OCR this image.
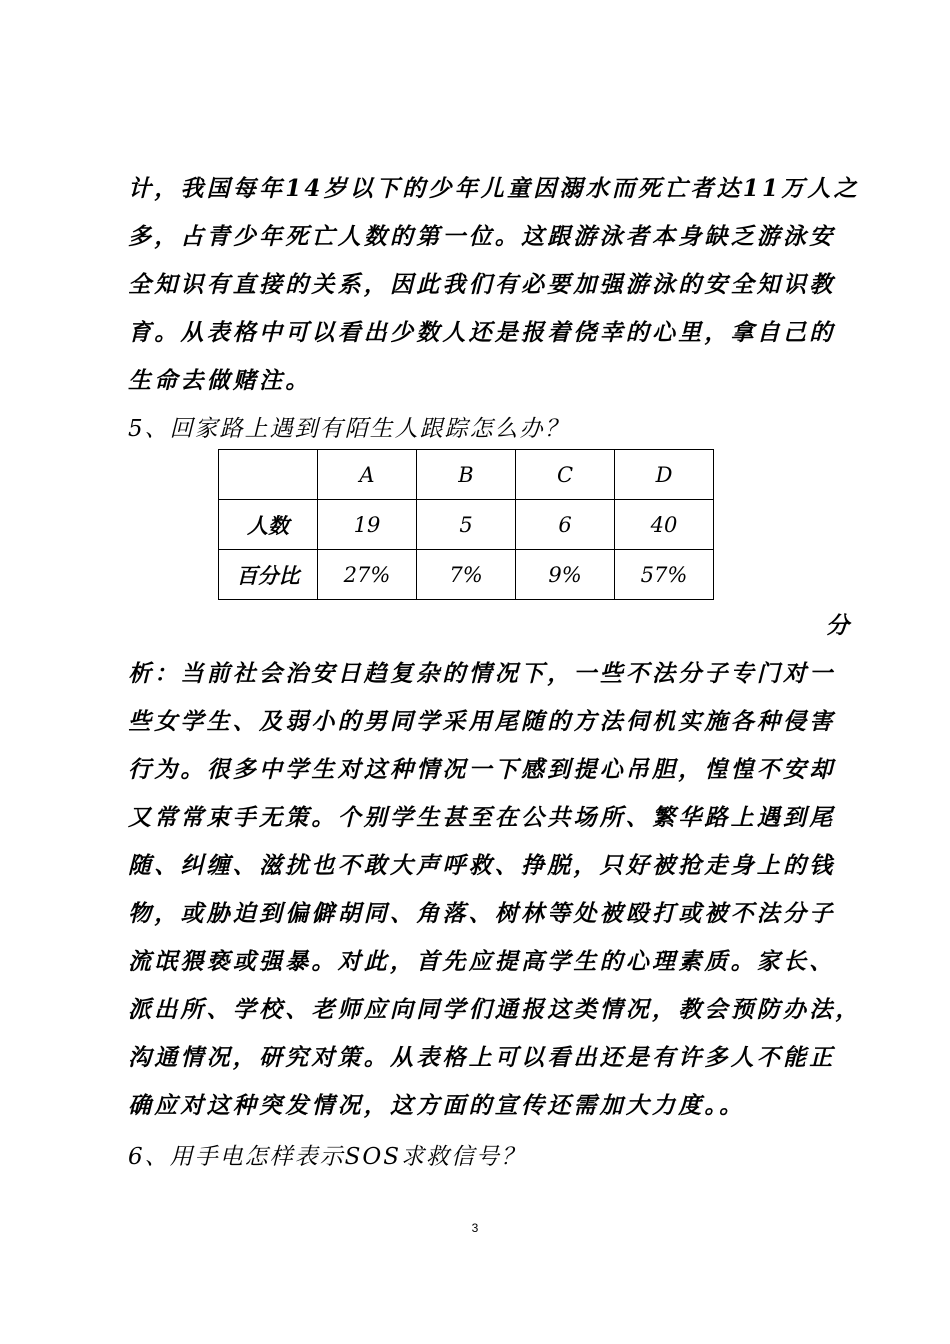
计，我国每年14岁以下的少年儿童因溺水而死亡者达11万人之
多，占青少年死亡人数的第一位。这跟游泳者本身缺乏游泳安
全知识有直接的关系，因此我们有必要加强游泳的安全知识教
育。从表格中可以看出少数人还是报着侥幸的心里，拿自己的
生命去做赌注。
5、回家路上遇到有陌生人跟踪怎么办？
	A	B	C	D
人数	19	5	6	40
百分比	27%	7%	9%	57%
分
析：当前社会治安日趋复杂的情况下，一些不法分子专门对一
些女学生、及弱小的男同学采用尾随的方法伺机实施各种侵害
行为。很多中学生对这种情况一下感到提心吊胆，惶惶不安却
又常常束手无策。个别学生甚至在公共场所、繁华路上遇到尾
随、纠缠、滋扰也不敢大声呼救、挣脱，只好被抢走身上的钱
物，或胁迫到偏僻胡同、角落、树林等处被殴打或被不法分子
流氓猥亵或强暴。对此，首先应提高学生的心理素质。家长、
派出所、学校、老师应向同学们通报这类情况，教会预防办法，
沟通情况，研究对策。从表格上可以看出还是有许多人不能正
确应对这种突发情况，这方面的宣传还需加大力度。。
6、用手电怎样表示SOS求救信号？
3
